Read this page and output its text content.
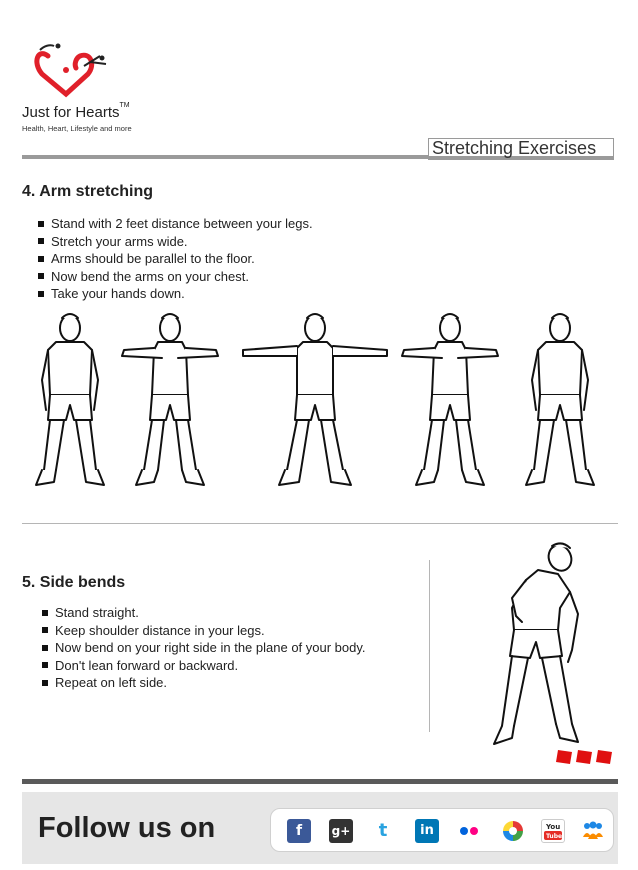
Just for Hearts™
Health, Heart, Lifestyle and more
Stretching Exercises
4. Arm stretching
Stand with 2 feet distance between your legs.
Stretch your arms wide.
Arms should be parallel to the floor.
Now bend the arms on your chest.
Take your hands down.
5. Side bends
Stand straight.
Keep shoulder distance in your legs.
Now bend on your right side in the plane of your body.
Don't lean forward or backward.
Repeat on left side.
Follow us on	f	g+	t	in	You
Tube
